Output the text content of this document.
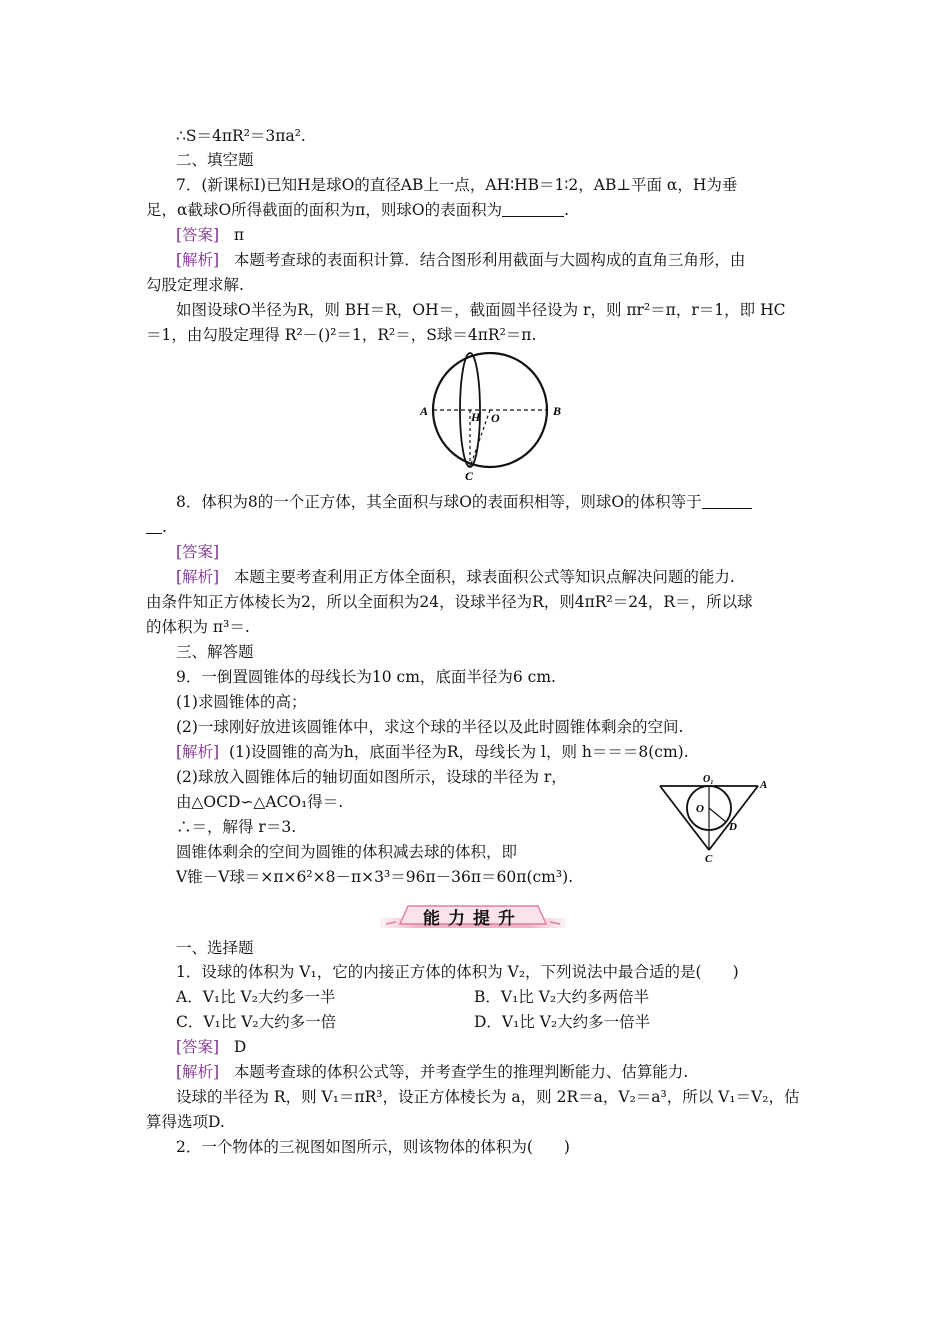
∴S＝4πR²＝3πa².
二、填空题
7．(新课标Ⅰ)已知H是球O的直径AB上一点，AH∶HB＝1∶2，AB⊥平面 α，H为垂
足，α截球O所得截面的面积为π，则球O的表面积为	.
[答案] π
[解析] 本题考查球的表面积计算．结合图形利用截面与大圆构成的直角三角形，由
勾股定理求解.
如图设球O半径为R，则 BH＝R，OH＝，截面圆半径设为 r，则 πr²＝π，r＝1，即 HC
＝1，由勾股定理得 R²－()²＝1，R²＝，S球＝4πR²＝π.
A	B
H O
C
8．体积为8的一个正方体，其全面积与球O的表面积相等，则球O的体积等于
.
[答案]
[解析] 本题主要考查利用正方体全面积，球表面积公式等知识点解决问题的能力.
由条件知正方体棱长为2，所以全面积为24，设球半径为R，则4πR²＝24，R＝，所以球
的体积为 π³＝.
三、解答题
9．一倒置圆锥体的母线长为10 cm，底面半径为6 cm.
(1)求圆锥体的高；
(2)一球刚好放进该圆锥体中，求这个球的半径以及此时圆锥体剩余的空间.
[解析] (1)设圆锥的高为h，底面半径为R，母线长为 l，则 h＝＝＝8(cm).
(2)球放入圆锥体后的轴切面如图所示，设球的半径为 r，
由△OCD∽△ACO₁得＝.
∴＝，解得 r＝3.
圆锥体剩余的空间为圆锥的体积减去球的体积，即
V锥－V球＝×π×6²×8－π×3³＝96π－36π＝60π(cm³).
O₁	A
O
D
C
能力提升
一、选择题
1．设球的体积为 V₁，它的内接正方体的体积为 V₂，下列说法中最合适的是(　　)
A．V₁比 V₂大约多一半	B．V₁比 V₂大约多两倍半
C．V₁比 V₂大约多一倍	D．V₁比 V₂大约多一倍半
[答案] D
[解析] 本题考查球的体积公式等，并考查学生的推理判断能力、估算能力.
设球的半径为 R，则 V₁＝πR³，设正方体棱长为 a，则 2R＝a，V₂＝a³，所以 V₁＝V₂，估
算得选项D.
2．一个物体的三视图如图所示，则该物体的体积为(　　)
